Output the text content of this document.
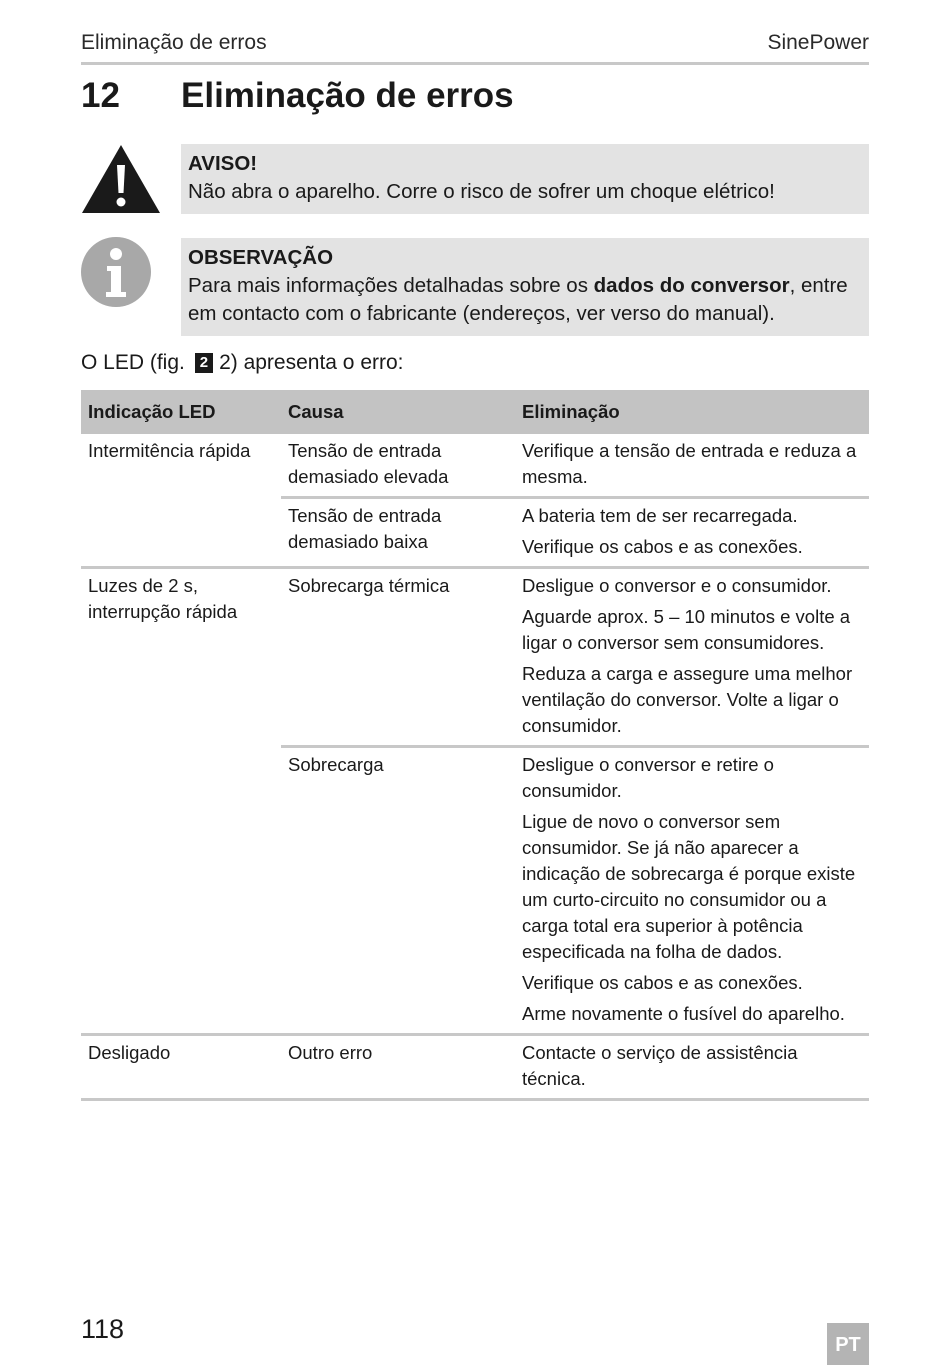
Eliminação de erros	SinePower
12 Eliminação de erros
AVISO!
Não abra o aparelho. Corre o risco de sofrer um choque elétrico!
OBSERVAÇÃO
Para mais informações detalhadas sobre os dados do conversor, entre em contacto com o fabricante (endereços, ver verso do manual).
O LED (fig. 2 2) apresenta o erro:
Indicação LED	Causa	Eliminação
Intermitência rápida	Tensão de entrada demasiado elevada	Verifique a tensão de entrada e reduza a mesma.

	Tensão de entrada demasiado baixa	A bateria tem de ser recarregada.

Verifique os cabos e as conexões.

Luzes de 2 s, interrupção rápida	Sobrecarga térmica	Desligue o conversor e o consumidor.

Aguarde aprox. 5 – 10 minutos e volte a ligar o conversor sem consumidores.

Reduza a carga e assegure uma melhor ventilação do conversor. Volte a ligar o consumidor.

	Sobrecarga	Desligue o conversor e retire o consumidor.

Ligue de novo o conversor sem consumidor. Se já não aparecer a indicação de sobrecarga é porque existe um curto-circuito no consumidor ou a carga total era superior à potência especificada na folha de dados.

Verifique os cabos e as conexões.

Arme novamente o fusível do aparelho.

Desligado	Outro erro	Contacte o serviço de assistência técnica.

118
PT
